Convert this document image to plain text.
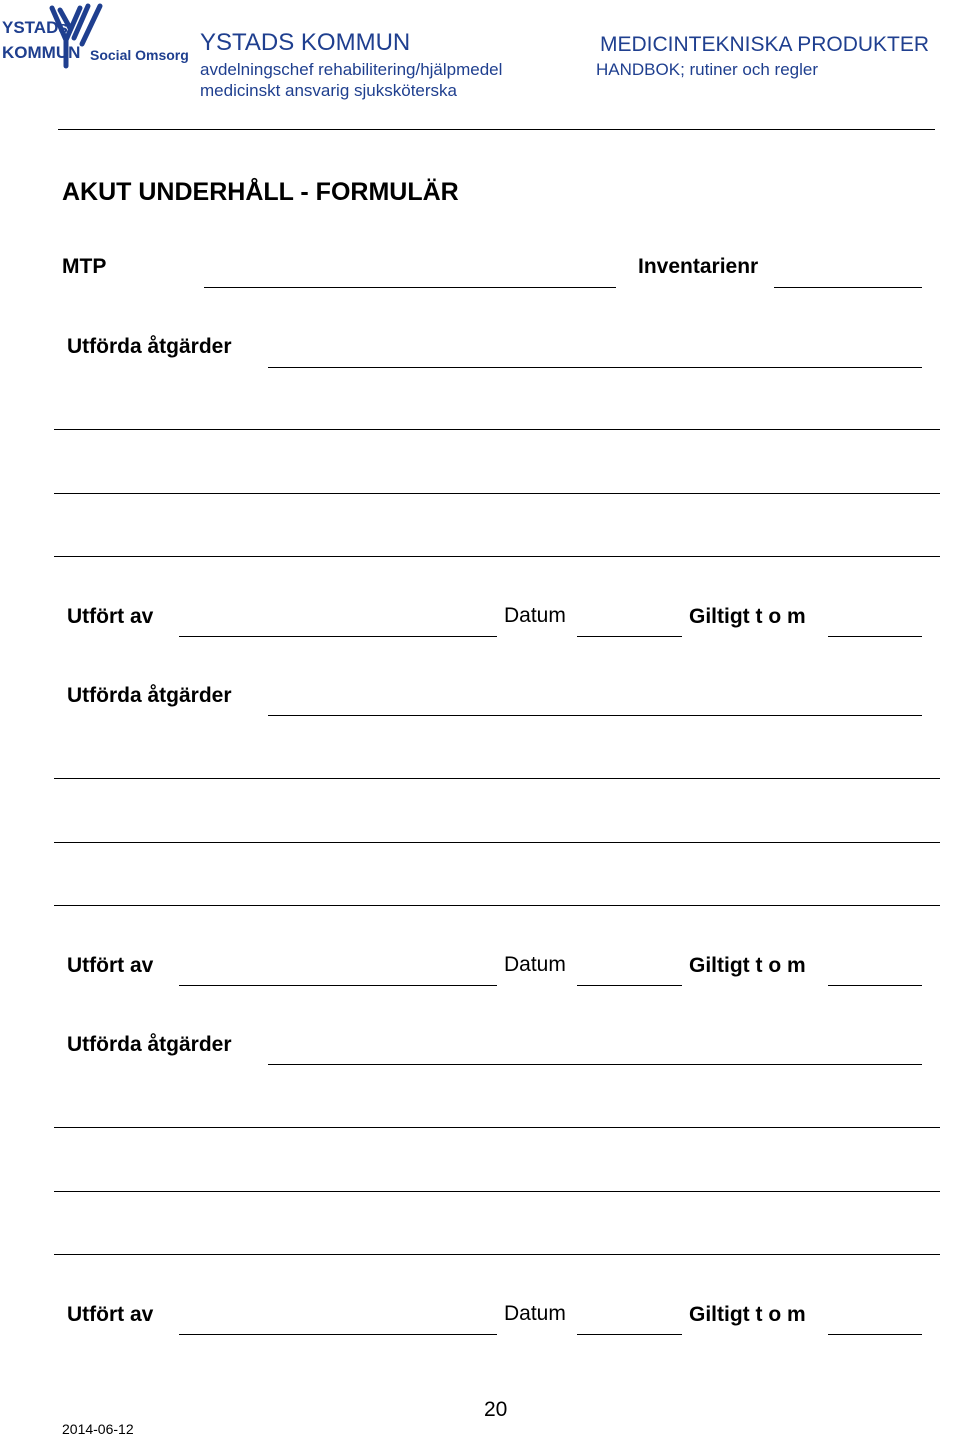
YSTADs
KOMMUN Social Omsorg YSTADS KOMMUN
avdelningschef rehabilitering/hjälpmedel
medicinskt ansvarig sjuksköterska
MEDICINTEKNISKA PRODUKTER
HANDBOK; rutiner och regler
AKUT UNDERHÅLL - FORMULÄR
MTP	Inventarienr
Utförda åtgärder
Utfört av	Datum	Giltigt t o m
Utförda åtgärder
Utfört av	Datum	Giltigt t o m
Utförda åtgärder
Utfört av	Datum	Giltigt t o m
20
2014-06-12
